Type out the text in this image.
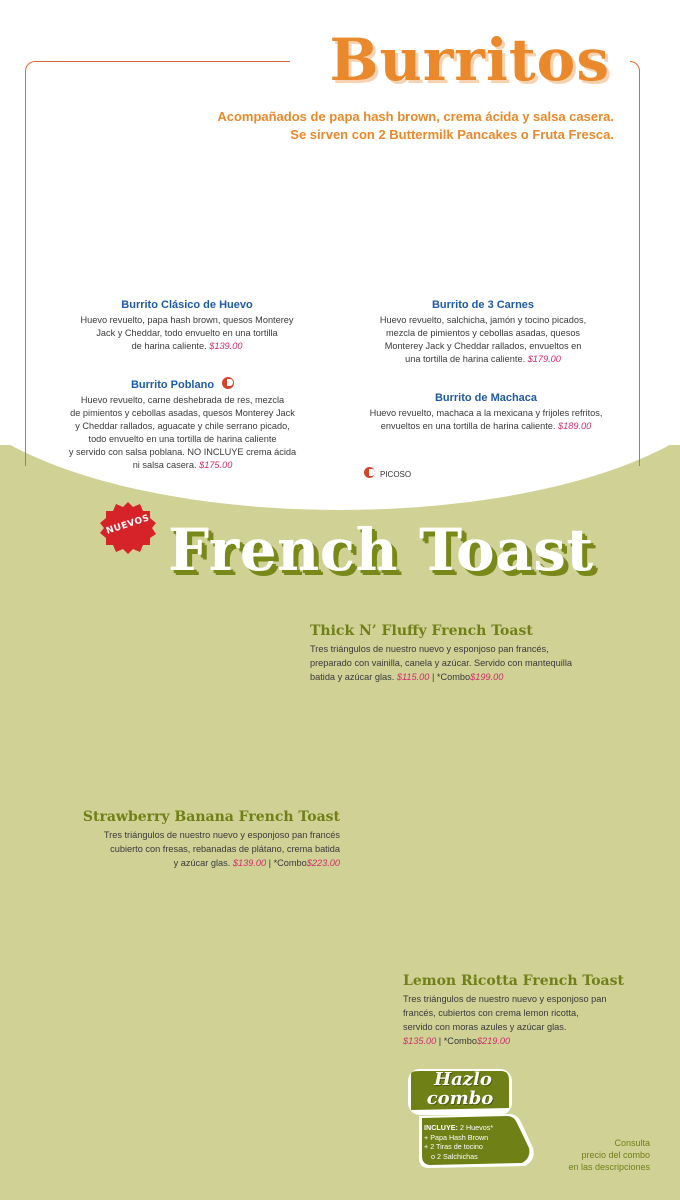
Burritos
Acompañados de papa hash brown, crema ácida y salsa casera.
Se sirven con 2 Buttermilk Pancakes o Fruta Fresca.
Burrito Clásico de Huevo
Huevo revuelto, papa hash brown, quesos Monterey
Jack y Cheddar, todo envuelto en una tortilla
de harina caliente. $139.00
Burrito de 3 Carnes
Huevo revuelto, salchicha, jamón y tocino picados,
mezcla de pimientos y cebollas asadas, quesos
Monterey Jack y Cheddar rallados, envueltos en
una tortilla de harina caliente. $179.00
Burrito Poblano
Huevo revuelto, carne deshebrada de res, mezcla
de pimientos y cebollas asadas, quesos Monterey Jack
y Cheddar rallados, aguacate y chile serrano picado,
todo envuelto en una tortilla de harina caliente
y servido con salsa poblana. NO INCLUYE crema ácida
ni salsa casera. $175.00
Burrito de Machaca
Huevo revuelto, machaca a la mexicana y frijoles refritos,
envueltos en una tortilla de harina caliente. $189.00
PICOSO
NUEVOS French Toast
Thick N’ Fluffy French Toast
Tres triángulos de nuestro nuevo y esponjoso pan francés,
preparado con vainilla, canela y azúcar. Servido con mantequilla
batida y azúcar glas. $115.00 | *Combo$199.00
Strawberry Banana French Toast
Tres triángulos de nuestro nuevo y esponjoso pan francés
cubierto con fresas, rebanadas de plátano, crema batida
y azúcar glas. $139.00 | *Combo$223.00
Lemon Ricotta French Toast
Tres triángulos de nuestro nuevo y esponjoso pan
francés, cubiertos con crema lemon ricotta,
servido con moras azules y azúcar glas.
$135.00 | *Combo$219.00
Hazlo
combo
INCLUYE: 2 Huevos*
+ Papa Hash Brown
+ 2 Tiras de tocino
o 2 Salchichas
Consulta
precio del combo
en las descripciones
